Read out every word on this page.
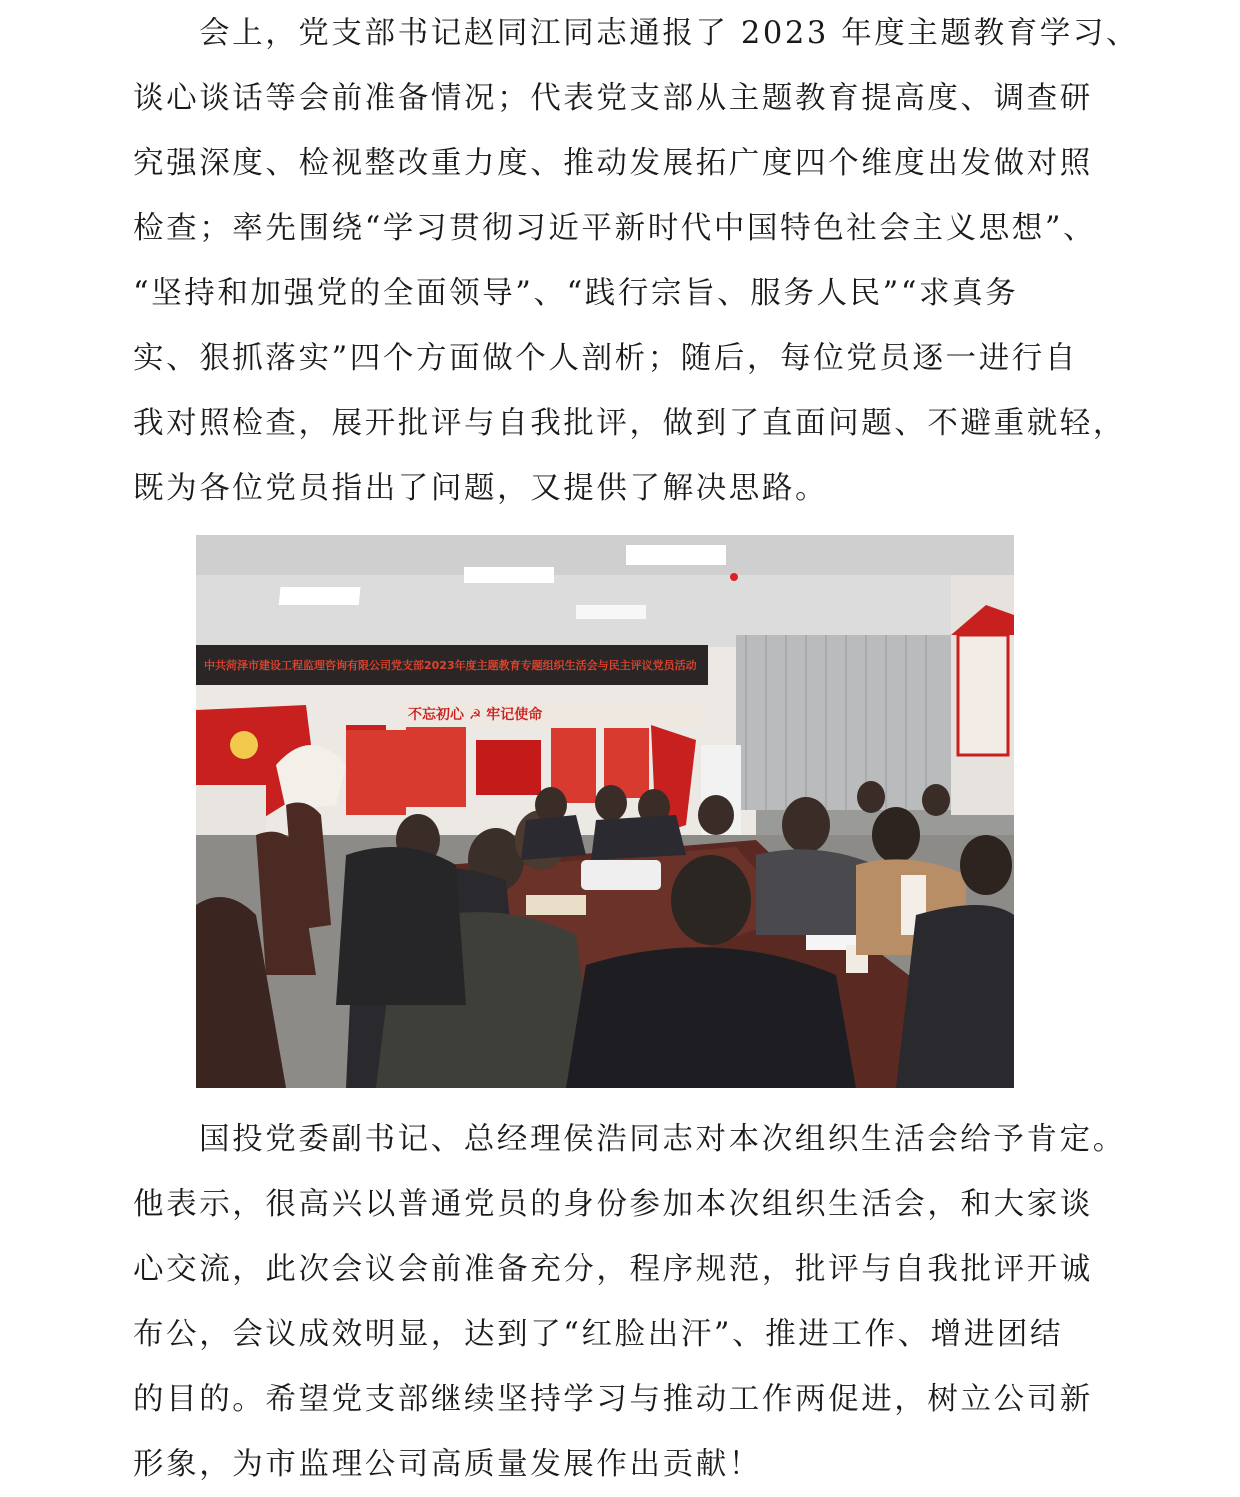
会上，党支部书记赵同江同志通报了 2023 年度主题教育学习、
谈心谈话等会前准备情况；代表党支部从主题教育提高度、调查研
究强深度、检视整改重力度、推动发展拓广度四个维度出发做对照
检查；率先围绕“学习贯彻习近平新时代中国特色社会主义思想”、
“坚持和加强党的全面领导”、“践行宗旨、服务人民”“求真务
实、狠抓落实”四个方面做个人剖析；随后，每位党员逐一进行自
我对照检查，展开批评与自我批评，做到了直面问题、不避重就轻，
既为各位党员指出了问题，又提供了解决思路。

中共菏泽市建设工程监理咨询有限公司党支部2023年度主题教育专题组织生活会与民主评议党员活动
不忘初心 ☭ 牢记使命

国投党委副书记、总经理侯浩同志对本次组织生活会给予肯定。
他表示，很高兴以普通党员的身份参加本次组织生活会，和大家谈
心交流，此次会议会前准备充分，程序规范，批评与自我批评开诚
布公，会议成效明显，达到了“红脸出汗”、推进工作、增进团结
的目的。希望党支部继续坚持学习与推动工作两促进，树立公司新
形象，为市监理公司高质量发展作出贡献！
